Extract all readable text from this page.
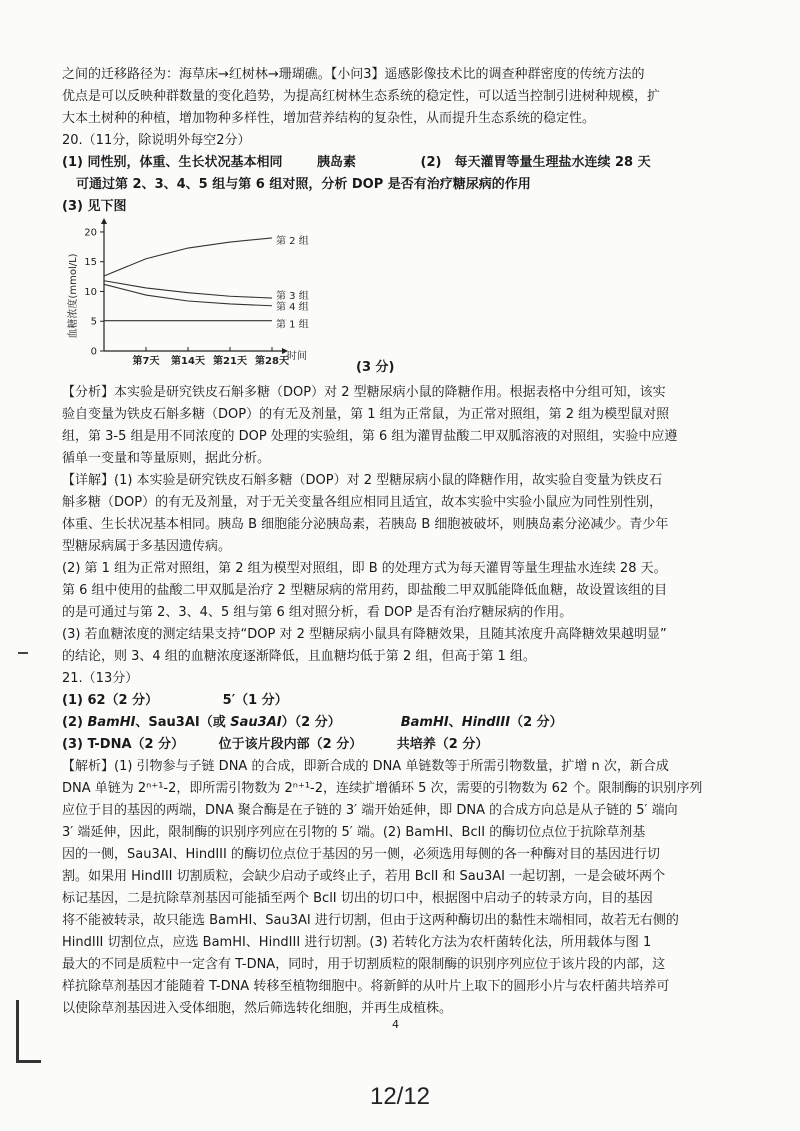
之间的迁移路径为：海草床→红树林→珊瑚礁。【小问3】遥感影像技术比的调查种群密度的传统方法的

优点是可以反映种群数量的变化趋势，为提高红树林生态系统的稳定性，可以适当控制引进树种规模，扩

大本土树种的种植，增加物种多样性，增加营养结构的复杂性，从而提升生态系统的稳定性。

20.（11分，除说明外每空2分）

(1) 同性别，体重、生长状况基本相同	胰岛素	(2)　每天灌胃等量生理盐水连续 28 天

可通过第 2、3、4、5 组与第 6 组对照，分析 DOP 是否有治疗糖尿病的作用

(3) 见下图

血糖浓度(mmol/L)
0
5
10
15
20
第7天 第14天 第21天 第28天
第 2 组
第 3 组
第 4 组
第 1 组
时间
(3 分)

【分析】本实验是研究铁皮石斛多糖（DOP）对 2 型糖尿病小鼠的降糖作用。根据表格中分组可知，该实

验自变量为铁皮石斛多糖（DOP）的有无及剂量，第 1 组为正常鼠，为正常对照组，第 2 组为模型鼠对照

组，第 3-5 组是用不同浓度的 DOP 处理的实验组，第 6 组为灌胃盐酸二甲双胍溶液的对照组，实验中应遵

循单一变量和等量原则，据此分析。

【详解】(1) 本实验是研究铁皮石斛多糖（DOP）对 2 型糖尿病小鼠的降糖作用，故实验自变量为铁皮石

斛多糖（DOP）的有无及剂量，对于无关变量各组应相同且适宜，故本实验中实验小鼠应为同性别性别，

体重、生长状况基本相同。胰岛 B 细胞能分泌胰岛素，若胰岛 B 细胞被破坏，则胰岛素分泌减少。青少年

型糖尿病属于多基因遗传病。

(2) 第 1 组为正常对照组，第 2 组为模型对照组，即 B 的处理方式为每天灌胃等量生理盐水连续 28 天。

第 6 组中使用的盐酸二甲双胍是治疗 2 型糖尿病的常用药，即盐酸二甲双胍能降低血糖，故设置该组的目

的是可通过与第 2、3、4、5 组与第 6 组对照分析，看 DOP 是否有治疗糖尿病的作用。

(3) 若血糖浓度的测定结果支持“DOP 对 2 型糖尿病小鼠具有降糖效果，且随其浓度升高降糖效果越明显”

的结论，则 3、4 组的血糖浓度逐渐降低，且血糖均低于第 2 组，但高于第 1 组。

21.（13分）

(1) 62（2 分）	5′（1 分）

(2) BamHI、Sau3AI（或 Sau3AI）（2 分）	BamHI、HindIII（2 分）

(3) T-DNA（2 分）	位于该片段内部（2 分）	共培养（2 分）

【解析】(1) 引物参与子链 DNA 的合成，即新合成的 DNA 单链数等于所需引物数量，扩增 n 次，新合成

DNA 单链为 2ⁿ⁺¹-2，即所需引物数为 2ⁿ⁺¹-2，连续扩增循环 5 次，需要的引物数为 62 个。限制酶的识别序列

应位于目的基因的两端，DNA 聚合酶是在子链的 3′ 端开始延伸，即 DNA 的合成方向总是从子链的 5′ 端向

3′ 端延伸，因此，限制酶的识别序列应在引物的 5′ 端。(2) BamHI、BclI 的酶切位点位于抗除草剂基

因的一侧，Sau3AI、HindIII 的酶切位点位于基因的另一侧，必须选用每侧的各一种酶对目的基因进行切

割。如果用 HindIII 切割质粒，会缺少启动子或终止子，若用 BclI 和 Sau3AI 一起切割，一是会破坏两个

标记基因，二是抗除草剂基因可能插至两个 BclI 切出的切口中，根据图中启动子的转录方向，目的基因

将不能被转录，故只能选 BamHI、Sau3AI 进行切割，但由于这两种酶切出的黏性末端相同，故若无右侧的

HindIII 切割位点，应选 BamHI、HindIII 进行切割。(3) 若转化方法为农杆菌转化法，所用载体与图 1

最大的不同是质粒中一定含有 T-DNA，同时，用于切割质粒的限制酶的识别序列应位于该片段的内部，这

样抗除草剂基因才能随着 T-DNA 转移至植物细胞中。将新鲜的从叶片上取下的圆形小片与农杆菌共培养可

以使除草剂基因进入受体细胞，然后筛选转化细胞，并再生成植株。

4
12/12
